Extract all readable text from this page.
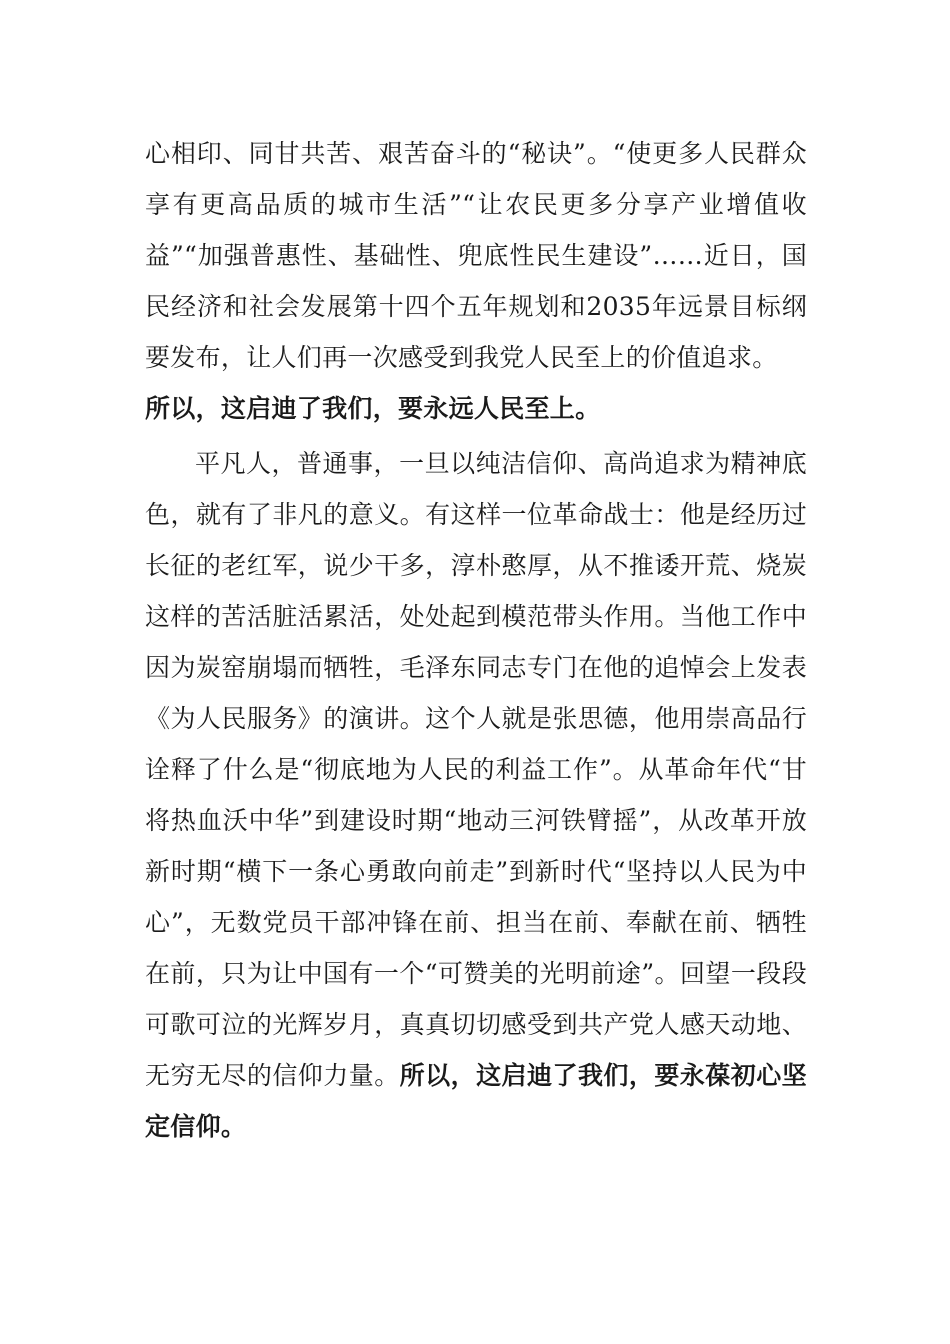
心相印、同甘共苦、艰苦奋斗的“秘诀”。“使更多人民群众享有更高品质的城市生活”“让农民更多分享产业增值收益”“加强普惠性、基础性、兜底性民生建设”……近日，国民经济和社会发展第十四个五年规划和2035年远景目标纲要发布，让人们再一次感受到我党人民至上的价值追求。
所以，这启迪了我们，要永远人民至上。

平凡人，普通事，一旦以纯洁信仰、高尚追求为精神底色，就有了非凡的意义。有这样一位革命战士：他是经历过长征的老红军，说少干多，淳朴憨厚，从不推诿开荒、烧炭这样的苦活脏活累活，处处起到模范带头作用。当他工作中因为炭窑崩塌而牺牲，毛泽东同志专门在他的追悼会上发表《为人民服务》的演讲。这个人就是张思德，他用崇高品行诠释了什么是“彻底地为人民的利益工作”。从革命年代“甘将热血沃中华”到建设时期“地动三河铁臂摇”，从改革开放新时期“横下一条心勇敢向前走”到新时代“坚持以人民为中心”，无数党员干部冲锋在前、担当在前、奉献在前、牺牲在前，只为让中国有一个“可赞美的光明前途”。回望一段段可歌可泣的光辉岁月，真真切切感受到共产党人感天动地、无穷无尽的信仰力量。所以，这启迪了我们，要永葆初心坚定信仰。
